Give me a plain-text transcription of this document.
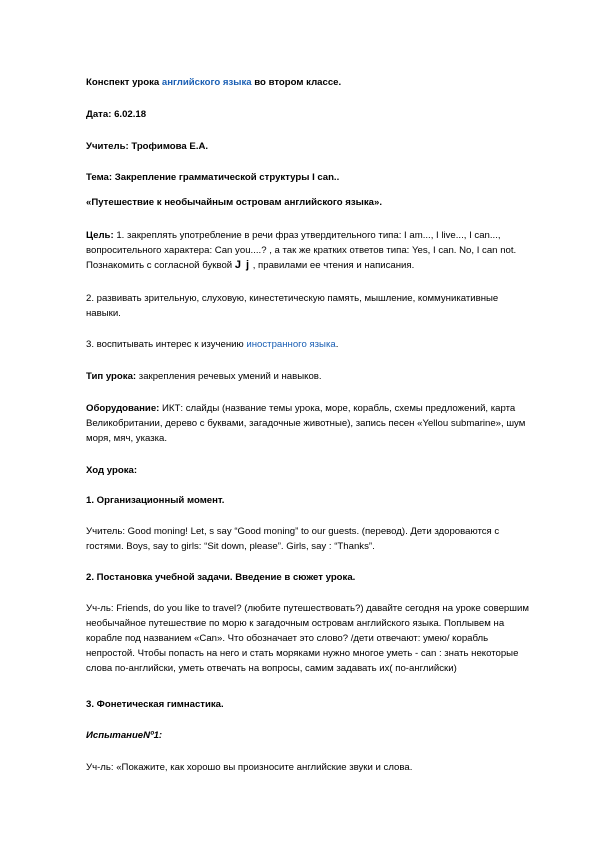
Конспект урока английского языка во втором классе.

Дата: 6.02.18

Учитель: Трофимова Е.А.

Тема: Закрепление грамматической структуры I can..

«Путешествие к необычайным островам английского языка».

Цель: 1. закреплять употребление в речи фраз утвердительного типа: I am..., I live..., I can...,
вопросительного характера: Can you....? , а так же кратких ответов типа: Yes, I can. No, I can not.
Познакомить с согласной буквой J j , правилами ее чтения и написания.
2. развивать зрительную, слуховую, кинестетическую память, мышление, коммуникативные
навыки.

3. воспитывать интерес к изучению иностранного языка.

Тип урока: закрепления речевых умений и навыков.

Оборудование: ИКТ: слайды (название темы урока, море, корабль, схемы предложений, карта
Великобритании, дерево с буквами, загадочные животные), запись песен «Yellou submarine», шум
моря, мяч, указка.

Ход урока:

1. Организационный момент.

Учитель: Good moning! Let, s say “Good moning” to our guests. (перевод). Дети здороваются с
гостями. Boys, say to girls: “Sit down, please”. Girls, say : “Thanks”.

2. Постановка учебной задачи. Введение в сюжет урока.

Уч-ль: Friends, do you like to travel? (любите путешествовать?) давайте сегодня на уроке совершим
необычайное путешествие по морю к загадочным островам английского языка. Поплывем на
корабле под названием «Can». Что обозначает это слово? /дети отвечают: умею/ корабль
непростой. Чтобы попасть на него и стать моряками нужно многое уметь - can : знать некоторые
слова по-английски, уметь отвечать на вопросы, самим задавать их( по-английски)

3. Фонетическая гимнастика.

ИспытаниеNº1:

Уч-ль: «Покажите, как хорошо вы произносите английские звуки и слова.
